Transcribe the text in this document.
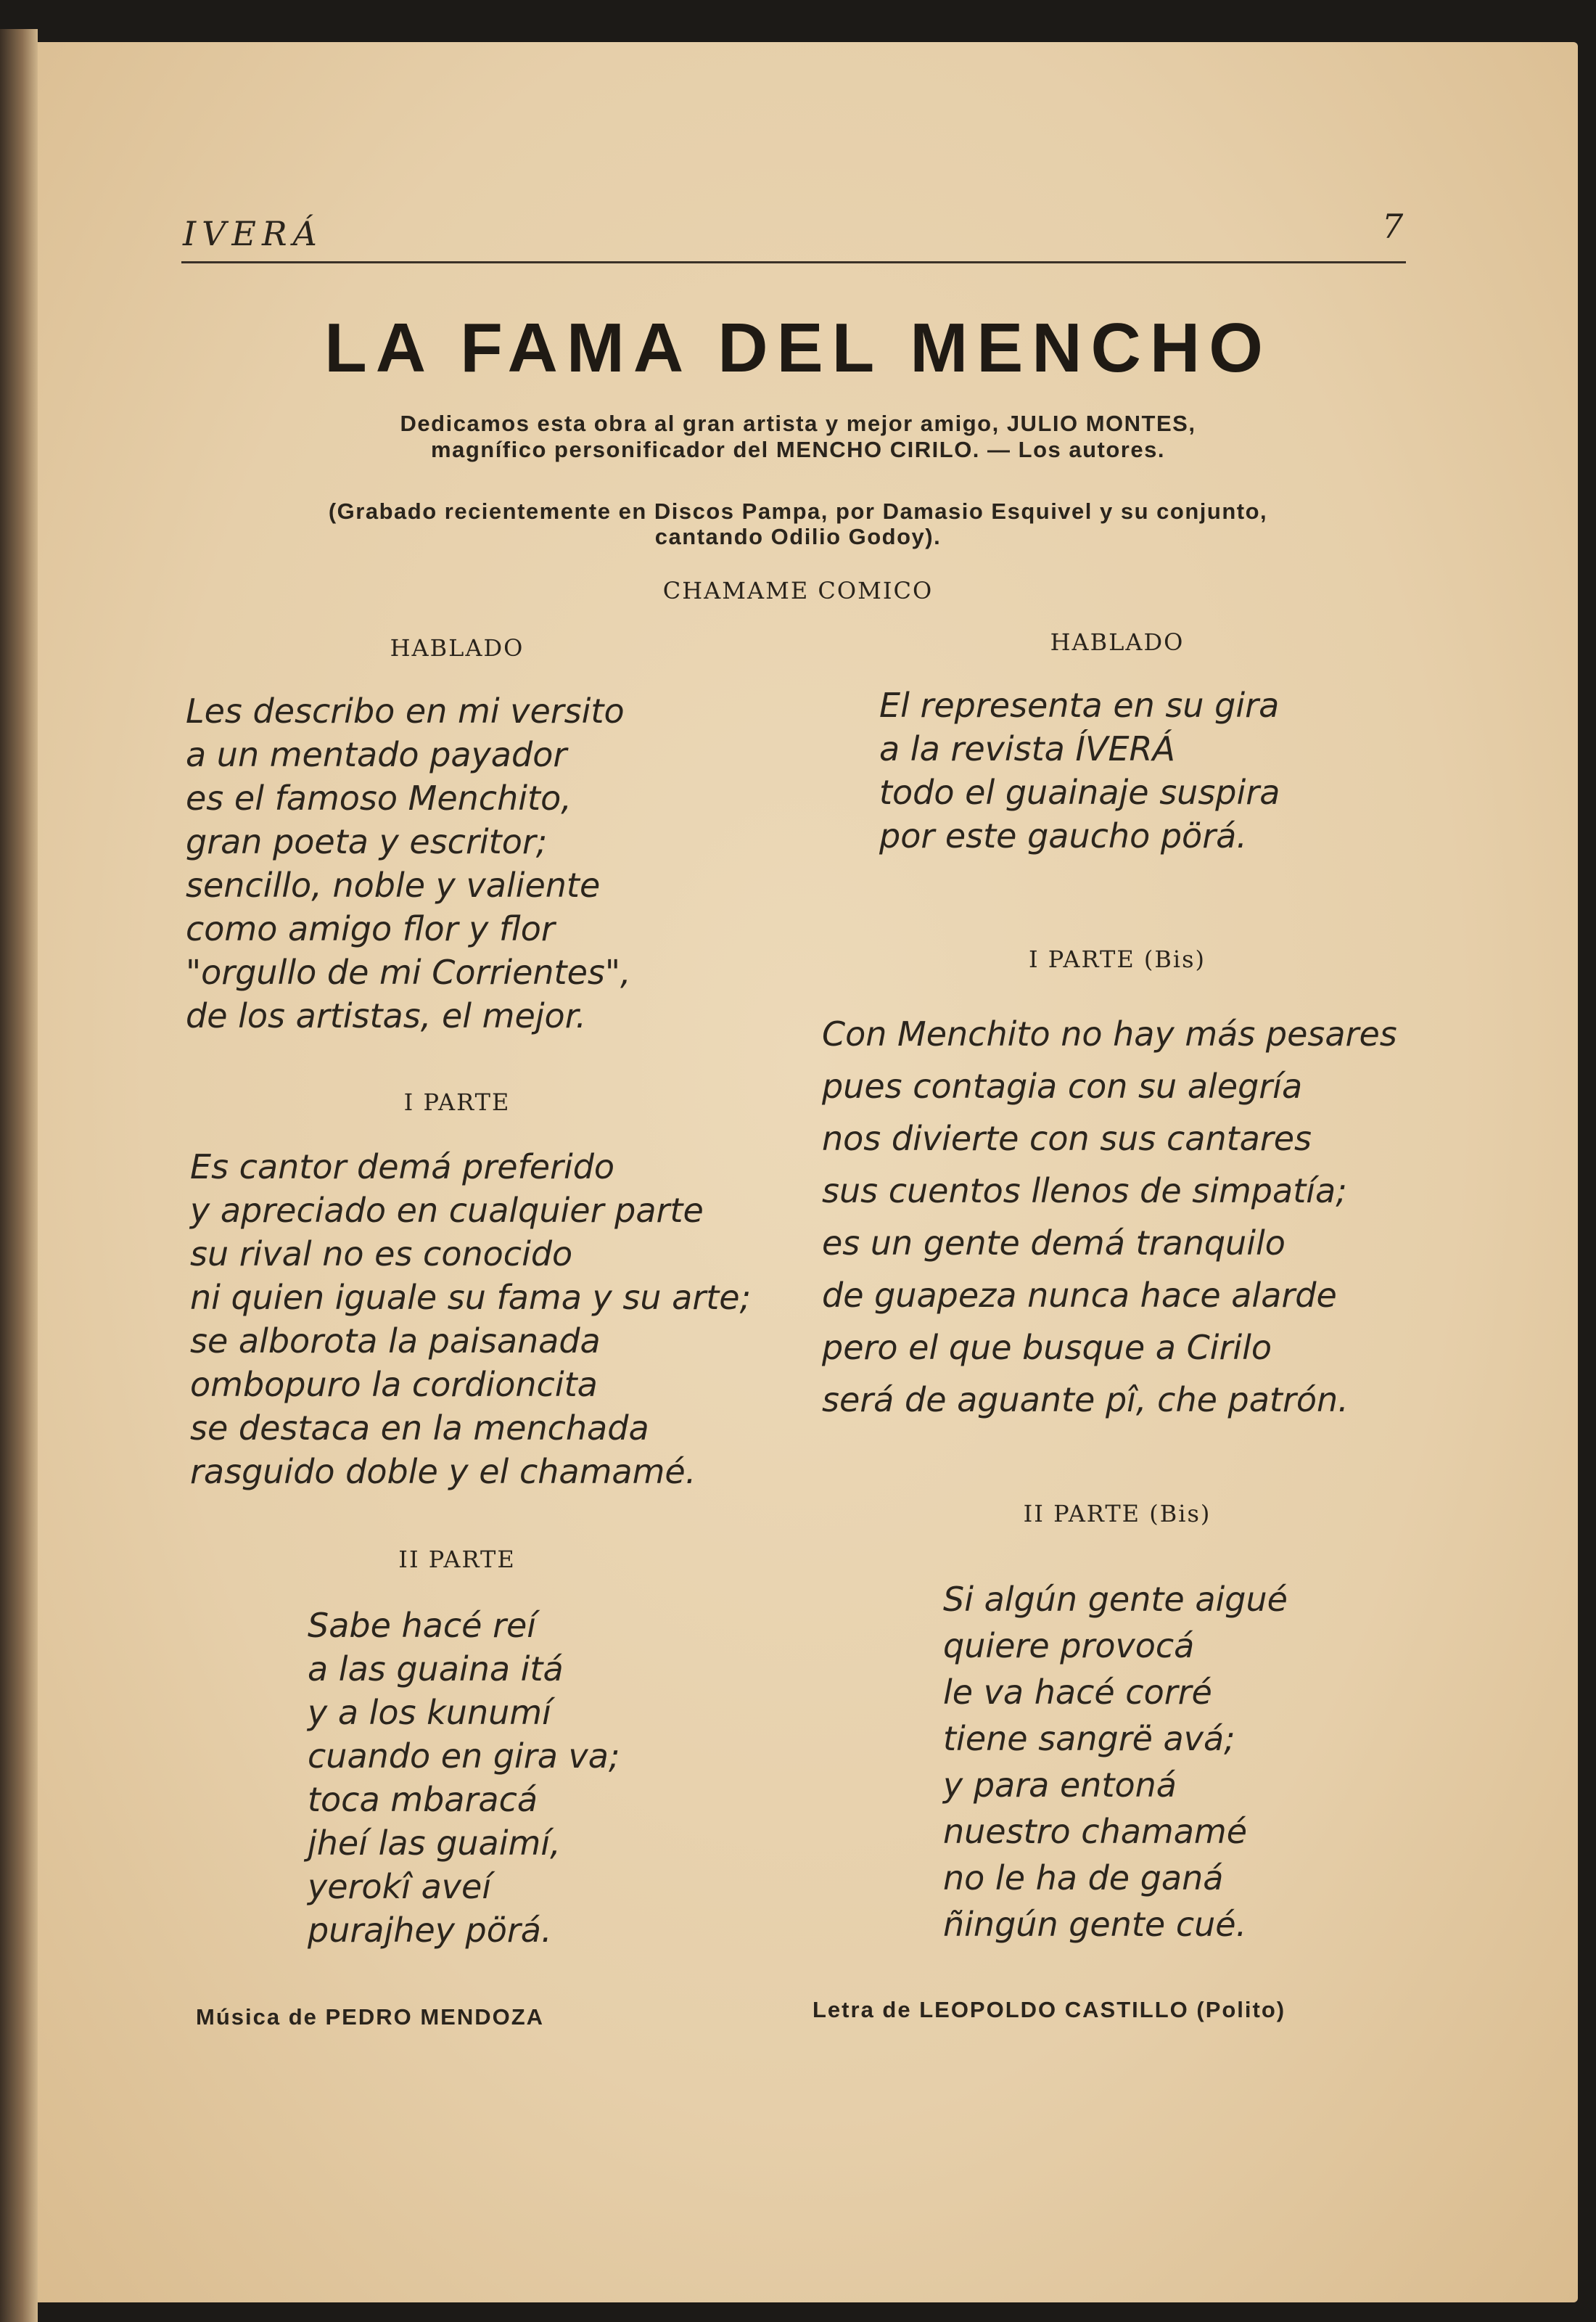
IVERÁ	7
LA FAMA DEL MENCHO
Dedicamos esta obra al gran artista y mejor amigo, JULIO MONTES,
magnífico personificador del MENCHO CIRILO. — Los autores.
(Grabado recientemente en Discos Pampa, por Damasio Esquivel y su conjunto,
cantando Odilio Godoy).
CHAMAME COMICO
HABLADO
Les describo en mi versito
a un mentado payador
es el famoso Menchito,
gran poeta y escritor;
sencillo, noble y valiente
como amigo flor y flor
"orgullo de mi Corrientes",
de los artistas, el mejor.
I PARTE
Es cantor demá preferido
y apreciado en cualquier parte
su rival no es conocido
ni quien iguale su fama y su arte;
se alborota la paisanada
ombopuro la cordioncita
se destaca en la menchada
rasguido doble y el chamamé.
II PARTE
Sabe hacé reí
a las guaina itá
y a los kunumí
cuando en gira va;
toca mbaracá
jheí las guaimí,
yerokî aveí
purajhey pörá.
Música de PEDRO MENDOZA
HABLADO
El representa en su gira
a la revista ÍVERÁ
todo el guainaje suspira
por este gaucho pörá.
I PARTE (Bis)
Con Menchito no hay más pesares
pues contagia con su alegría
nos divierte con sus cantares
sus cuentos llenos de simpatía;
es un gente demá tranquilo
de guapeza nunca hace alarde
pero el que busque a Cirilo
será de aguante pî, che patrón.
II PARTE (Bis)
Si algún gente aigué
quiere provocá
le va hacé corré
tiene sangrë avá;
y para entoná
nuestro chamamé
no le ha de ganá
ñingún gente cué.
Letra de LEOPOLDO CASTILLO (Polito)
